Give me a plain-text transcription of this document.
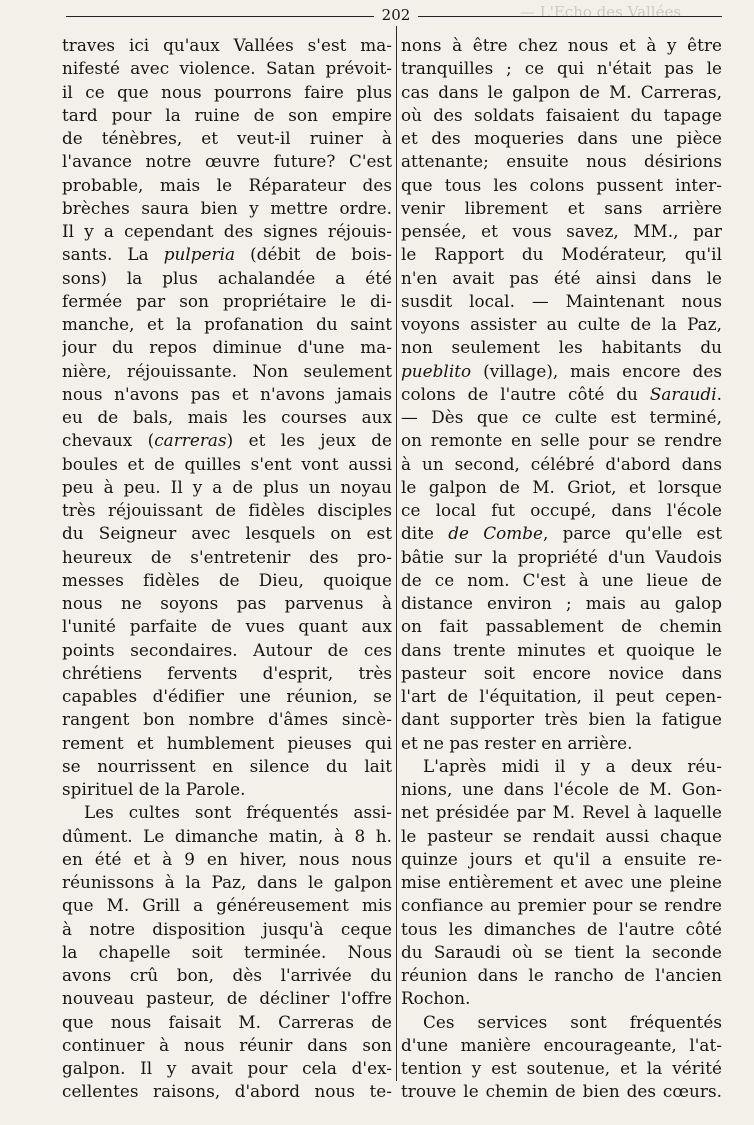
— L'Echo des Vallées
202
traves ici qu'aux Vallées s'est ma-
nifesté avec violence. Satan prévoit-
il ce que nous pourrons faire plus
tard pour la ruine de son empire
de ténèbres, et veut-il ruiner à
l'avance notre œuvre future? C'est
probable, mais le Réparateur des
brèches saura bien y mettre ordre.
Il y a cependant des signes réjouis-
sants. La pulperia (débit de bois-
sons) la plus achalandée a été
fermée par son propriétaire le di-
manche, et la profanation du saint
jour du repos diminue d'une ma-
nière, réjouissante. Non seulement
nous n'avons pas et n'avons jamais
eu de bals, mais les courses aux
chevaux (carreras) et les jeux de
boules et de quilles s'ent vont aussi
peu à peu. Il y a de plus un noyau
très réjouissant de fidèles disciples
du Seigneur avec lesquels on est
heureux de s'entretenir des pro-
messes fidèles de Dieu, quoique
nous ne soyons pas parvenus à
l'unité parfaite de vues quant aux
points secondaires. Autour de ces
chrétiens fervents d'esprit, très
capables d'édifier une réunion, se
rangent bon nombre d'âmes sincè-
rement et humblement pieuses qui
se nourrissent en silence du lait
spirituel de la Parole.
Les cultes sont fréquentés assi-
dûment. Le dimanche matin, à 8 h.
en été et à 9 en hiver, nous nous
réunissons à la Paz, dans le galpon
que M. Grill a généreusement mis
à notre disposition jusqu'à ceque
la chapelle soit terminée. Nous
avons crû bon, dès l'arrivée du
nouveau pasteur, de décliner l'offre
que nous faisait M. Carreras de
continuer à nous réunir dans son
galpon. Il y avait pour cela d'ex-
cellentes raisons, d'abord nous te-
nons à être chez nous et à y être
tranquilles ; ce qui n'était pas le
cas dans le galpon de M. Carreras,
où des soldats faisaient du tapage
et des moqueries dans une pièce
attenante; ensuite nous désirions
que tous les colons pussent inter-
venir librement et sans arrière
pensée, et vous savez, MM., par
le Rapport du Modérateur, qu'il
n'en avait pas été ainsi dans le
susdit local. — Maintenant nous
voyons assister au culte de la Paz,
non seulement les habitants du
pueblito (village), mais encore des
colons de l'autre côté du Saraudi.
— Dès que ce culte est terminé,
on remonte en selle pour se rendre
à un second, célébré d'abord dans
le galpon de M. Griot, et lorsque
ce local fut occupé, dans l'école
dite de Combe, parce qu'elle est
bâtie sur la propriété d'un Vaudois
de ce nom. C'est à une lieue de
distance environ ; mais au galop
on fait passablement de chemin
dans trente minutes et quoique le
pasteur soit encore novice dans
l'art de l'équitation, il peut cepen-
dant supporter très bien la fatigue
et ne pas rester en arrière.
L'après midi il y a deux réu-
nions, une dans l'école de M. Gon-
net présidée par M. Revel à laquelle
le pasteur se rendait aussi chaque
quinze jours et qu'il a ensuite re-
mise entièrement et avec une pleine
confiance au premier pour se rendre
tous les dimanches de l'autre côté
du Saraudi où se tient la seconde
réunion dans le rancho de l'ancien
Rochon.
Ces services sont fréquentés
d'une manière encourageante, l'at-
tention y est soutenue, et la vérité
trouve le chemin de bien des cœurs.
